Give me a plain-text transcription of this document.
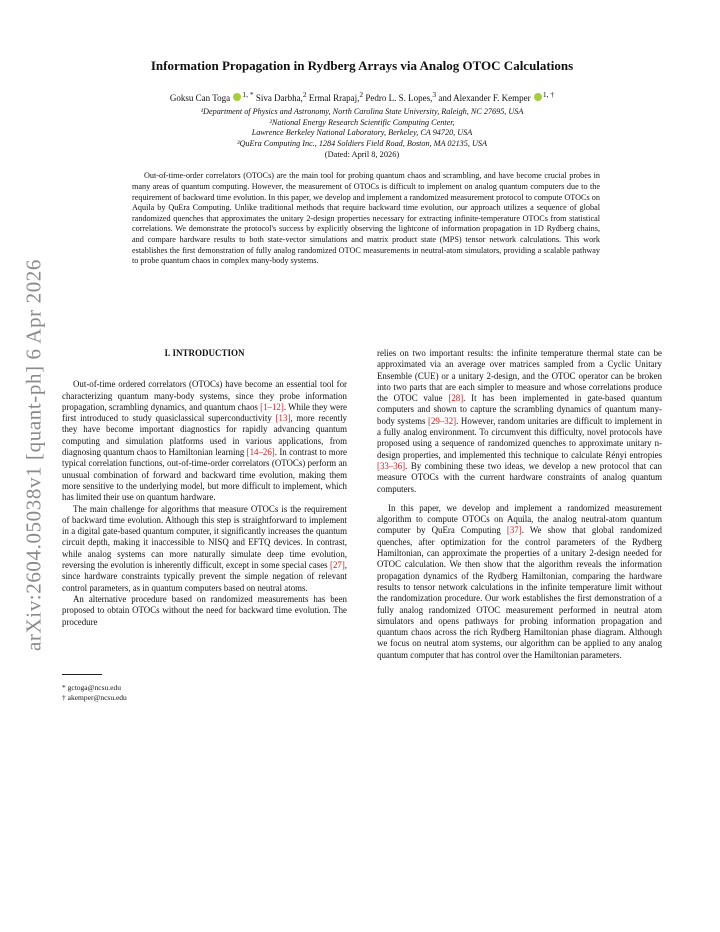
arXiv:2604.05038v1 [quant-ph] 6 Apr 2026
Information Propagation in Rydberg Arrays via Analog OTOC Calculations
Goksu Can Toga $^{1, *}$ Siva Darbha,$^2$ Ermal Rrapaj,$^2$ Pedro L. S. Lopes,$^3$ and Alexander F. Kemper $^{1, \dagger}$
¹Department of Physics and Astronomy, North Carolina State University, Raleigh, NC 27695, USA
²National Energy Research Scientific Computing Center,
Lawrence Berkeley National Laboratory, Berkeley, CA 94720, USA
³QuEra Computing Inc., 1284 Soldiers Field Road, Boston, MA 02135, USA
(Dated: April 8, 2026)
Out-of-time-order correlators (OTOCs) are the main tool for probing quantum chaos and scrambling, and have become crucial probes in many areas of quantum computing. However, the measurement of OTOCs is difficult to implement on analog quantum computers due to the requirement of backward time evolution. In this paper, we develop and implement a randomized measurement protocol to compute OTOCs on Aquila by QuEra Computing. Unlike traditional methods that require backward time evolution, our approach utilizes a sequence of global randomized quenches that approximates the unitary 2-design properties necessary for extracting infinite-temperature OTOCs from statistical correlations. We demonstrate the protocol's success by explicitly observing the lightcone of information propagation in 1D Rydberg chains, and compare hardware results to both state-vector simulations and matrix product state (MPS) tensor network calculations. This work establishes the first demonstration of fully analog randomized OTOC measurements in neutral-atom simulators, providing a scalable pathway to probe quantum chaos in complex many-body systems.
I. INTRODUCTION

Out-of-time ordered correlators (OTOCs) have become an essential tool for characterizing quantum many-body systems, since they probe information propagation, scrambling dynamics, and quantum chaos [1–12]. While they were first introduced to study quasiclassical superconductivity [13], more recently they have become important diagnostics for rapidly advancing quantum computing and simulation platforms used in various applications, from diagnosing quantum chaos to Hamiltonian learning [14–26]. In contrast to more typical correlation functions, out-of-time-order correlators (OTOCs) perform an unusual combination of forward and backward time evolution, making them more sensitive to the underlying model, but more difficult to implement, which has limited their use on quantum hardware.

The main challenge for algorithms that measure OTOCs is the requirement of backward time evolution. Although this step is straightforward to implement in a digital gate-based quantum computer, it significantly increases the quantum circuit depth, making it inaccessible to NISQ and EFTQ devices. In contrast, while analog systems can more naturally simulate deep time evolution, reversing the evolution is inherently difficult, except in some special cases [27], since hardware constraints typically prevent the simple negation of relevant control parameters, as in quantum computers based on neutral atoms.

An alternative procedure based on randomized measurements has been proposed to obtain OTOCs without the need for backward time evolution. The procedure

* gctoga@ncsu.edu
† akemper@ncsu.edu

relies on two important results: the infinite temperature thermal state can be approximated via an average over matrices sampled from a Cyclic Unitary Ensemble (CUE) or a unitary 2-design, and the OTOC operator can be broken into two parts that are each simpler to measure and whose correlations produce the OTOC value [28]. It has been implemented in gate-based quantum computers and shown to capture the scrambling dynamics of quantum many-body systems [29–32]. However, random unitaries are difficult to implement in a fully analog environment. To circumvent this difficulty, novel protocols have proposed using a sequence of randomized quenches to approximate unitary n-design properties, and implemented this technique to calculate Rényi entropies [33–36]. By combining these two ideas, we develop a new protocol that can measure OTOCs with the current hardware constraints of analog quantum computers.

In this paper, we develop and implement a randomized measurement algorithm to compute OTOCs on Aquila, the analog neutral-atom quantum computer by QuEra Computing [37]. We show that global randomized quenches, after optimization for the control parameters of the Rydberg Hamiltonian, can approximate the properties of a unitary 2-design needed for OTOC calculation. We then show that the algorithm reveals the information propagation dynamics of the Rydberg Hamiltonian, comparing the hardware results to tensor network calculations in the infinite temperature limit without the randomization procedure. Our work establishes the first demonstration of a fully analog randomized OTOC measurement performed in neutral atom simulators and opens pathways for probing information propagation and quantum chaos across the rich Rydberg Hamiltonian phase diagram. Although we focus on neutral atom systems, our algorithm can be applied to any analog quantum computer that has control over the Hamiltonian parameters.
